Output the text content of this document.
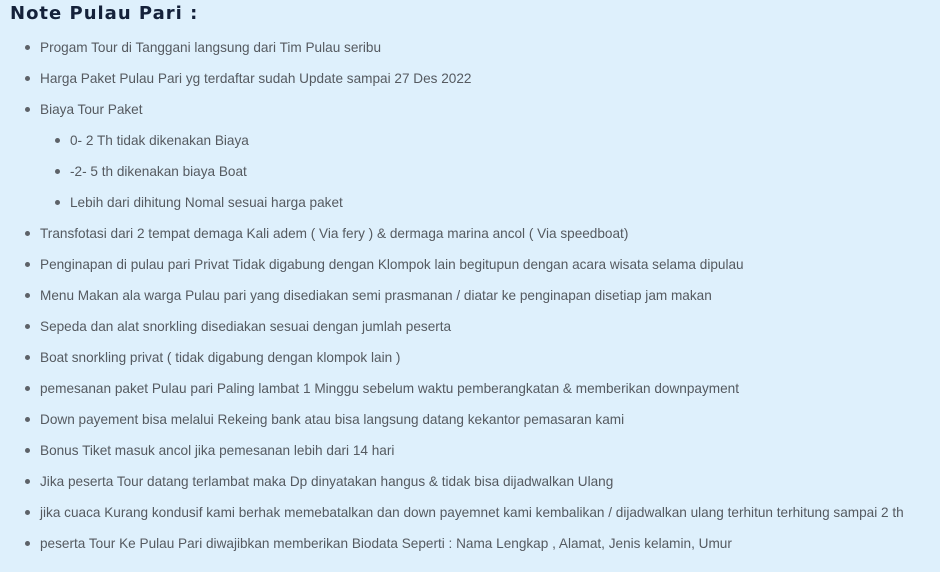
Note Pulau Pari :
Progam Tour di Tanggani langsung dari Tim Pulau seribu
Harga Paket Pulau Pari yg terdaftar sudah Update sampai 27 Des 2022
Biaya Tour Paket
0- 2 Th tidak dikenakan Biaya
-2- 5 th dikenakan biaya Boat
Lebih dari dihitung Nomal sesuai harga paket
Transfotasi dari 2 tempat demaga Kali adem ( Via fery ) & dermaga marina ancol ( Via speedboat)
Penginapan di pulau pari Privat Tidak digabung dengan Klompok lain begitupun dengan acara wisata selama dipulau
Menu Makan ala warga Pulau pari yang disediakan semi prasmanan / diatar ke penginapan disetiap jam makan
Sepeda dan alat snorkling disediakan sesuai dengan jumlah peserta
Boat snorkling privat ( tidak digabung dengan klompok lain )
pemesanan paket Pulau pari Paling lambat 1 Minggu sebelum waktu pemberangkatan & memberikan downpayment
Down payement bisa melalui Rekeing bank atau bisa langsung datang kekantor pemasaran kami
Bonus Tiket masuk ancol jika pemesanan lebih dari 14 hari
Jika peserta Tour datang terlambat maka Dp dinyatakan hangus & tidak bisa dijadwalkan Ulang
jika cuaca Kurang kondusif kami berhak memebatalkan dan down payemnet kami kembalikan / dijadwalkan ulang terhitun terhitung sampai 2 th
peserta Tour Ke Pulau Pari diwajibkan memberikan Biodata Seperti : Nama Lengkap , Alamat, Jenis kelamin, Umur
